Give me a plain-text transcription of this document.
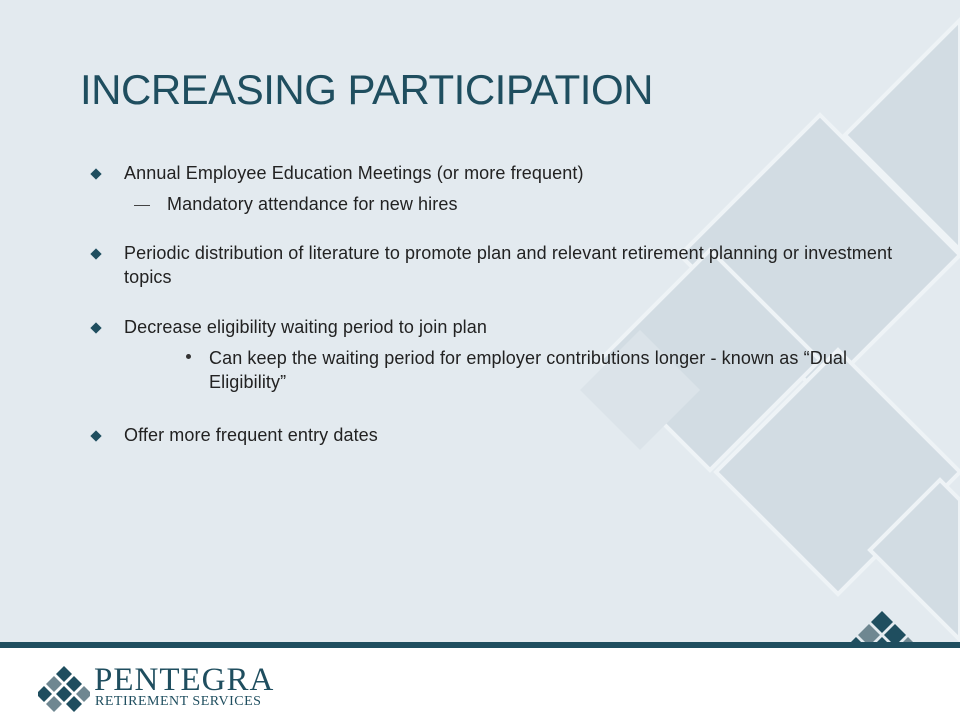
INCREASING PARTICIPATION
Annual Employee Education Meetings (or more frequent)
Mandatory attendance for new hires
Periodic distribution of literature to promote plan and relevant retirement planning or investment topics
Decrease eligibility waiting period to join plan
Can keep the waiting period for employer contributions longer - known as “Dual Eligibility”
Offer more frequent entry dates
PENTEGRA
RETIREMENT SERVICES
